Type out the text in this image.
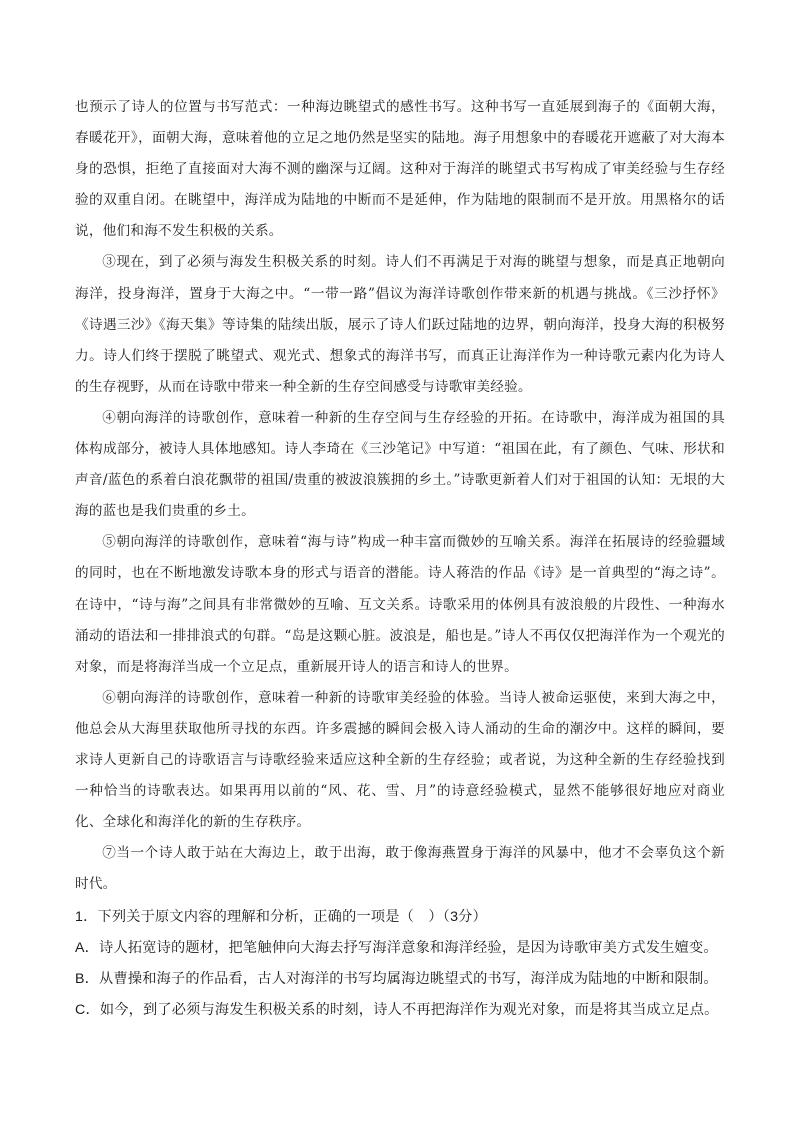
也预示了诗人的位置与书写范式：一种海边眺望式的感性书写。这种书写一直延展到海子的《面朝大海，春暖花开》，面朝大海，意味着他的立足之地仍然是坚实的陆地。海子用想象中的春暖花开遮蔽了对大海本身的恐惧，拒绝了直接面对大海不测的幽深与辽阔。这种对于海洋的眺望式书写构成了审美经验与生存经验的双重自闭。在眺望中，海洋成为陆地的中断而不是延伸，作为陆地的限制而不是开放。用黑格尔的话说，他们和海不发生积极的关系。

③现在，到了必须与海发生积极关系的时刻。诗人们不再满足于对海的眺望与想象，而是真正地朝向海洋，投身海洋，置身于大海之中。“一带一路”倡议为海洋诗歌创作带来新的机遇与挑战。《三沙抒怀》《诗遇三沙》《海天集》等诗集的陆续出版，展示了诗人们跃过陆地的边界，朝向海洋，投身大海的积极努力。诗人们终于摆脱了眺望式、观光式、想象式的海洋书写，而真正让海洋作为一种诗歌元素内化为诗人的生存视野，从而在诗歌中带来一种全新的生存空间感受与诗歌审美经验。

④朝向海洋的诗歌创作，意味着一种新的生存空间与生存经验的开拓。在诗歌中，海洋成为祖国的具体构成部分，被诗人具体地感知。诗人李琦在《三沙笔记》中写道：“祖国在此，有了颜色、气味、形状和声音/蓝色的系着白浪花飘带的祖国/贵重的被波浪簇拥的乡土。”诗歌更新着人们对于祖国的认知：无垠的大海的蓝也是我们贵重的乡土。

⑤朝向海洋的诗歌创作，意味着“海与诗”构成一种丰富而微妙的互喻关系。海洋在拓展诗的经验疆域的同时，也在不断地激发诗歌本身的形式与语音的潜能。诗人蒋浩的作品《诗》是一首典型的“海之诗”。在诗中，“诗与海”之间具有非常微妙的互喻、互文关系。诗歌采用的体例具有波浪般的片段性、一种海水涌动的语法和一排排浪式的句群。“岛是这颗心脏。波浪是，船也是。”诗人不再仅仅把海洋作为一个观光的对象，而是将海洋当成一个立足点，重新展开诗人的语言和诗人的世界。

⑥朝向海洋的诗歌创作，意味着一种新的诗歌审美经验的体验。当诗人被命运驱使，来到大海之中，他总会从大海里获取他所寻找的东西。许多震撼的瞬间会极入诗人涌动的生命的潮汐中。这样的瞬间，要求诗人更新自己的诗歌语言与诗歌经验来适应这种全新的生存经验；或者说，为这种全新的生存经验找到一种恰当的诗歌表达。如果再用以前的“风、花、雪、月”的诗意经验模式，显然不能够很好地应对商业化、全球化和海洋化的新的生存秩序。

⑦当一个诗人敢于站在大海边上，敢于出海，敢于像海燕置身于海洋的风暴中，他才不会辜负这个新时代。

1．下列关于原文内容的理解和分析，正确的一项是（　）（3分）

A．诗人拓宽诗的题材，把笔触伸向大海去抒写海洋意象和海洋经验，是因为诗歌审美方式发生嬗变。

B．从曹操和海子的作品看，古人对海洋的书写均属海边眺望式的书写，海洋成为陆地的中断和限制。

C．如今，到了必须与海发生积极关系的时刻，诗人不再把海洋作为观光对象，而是将其当成立足点。
